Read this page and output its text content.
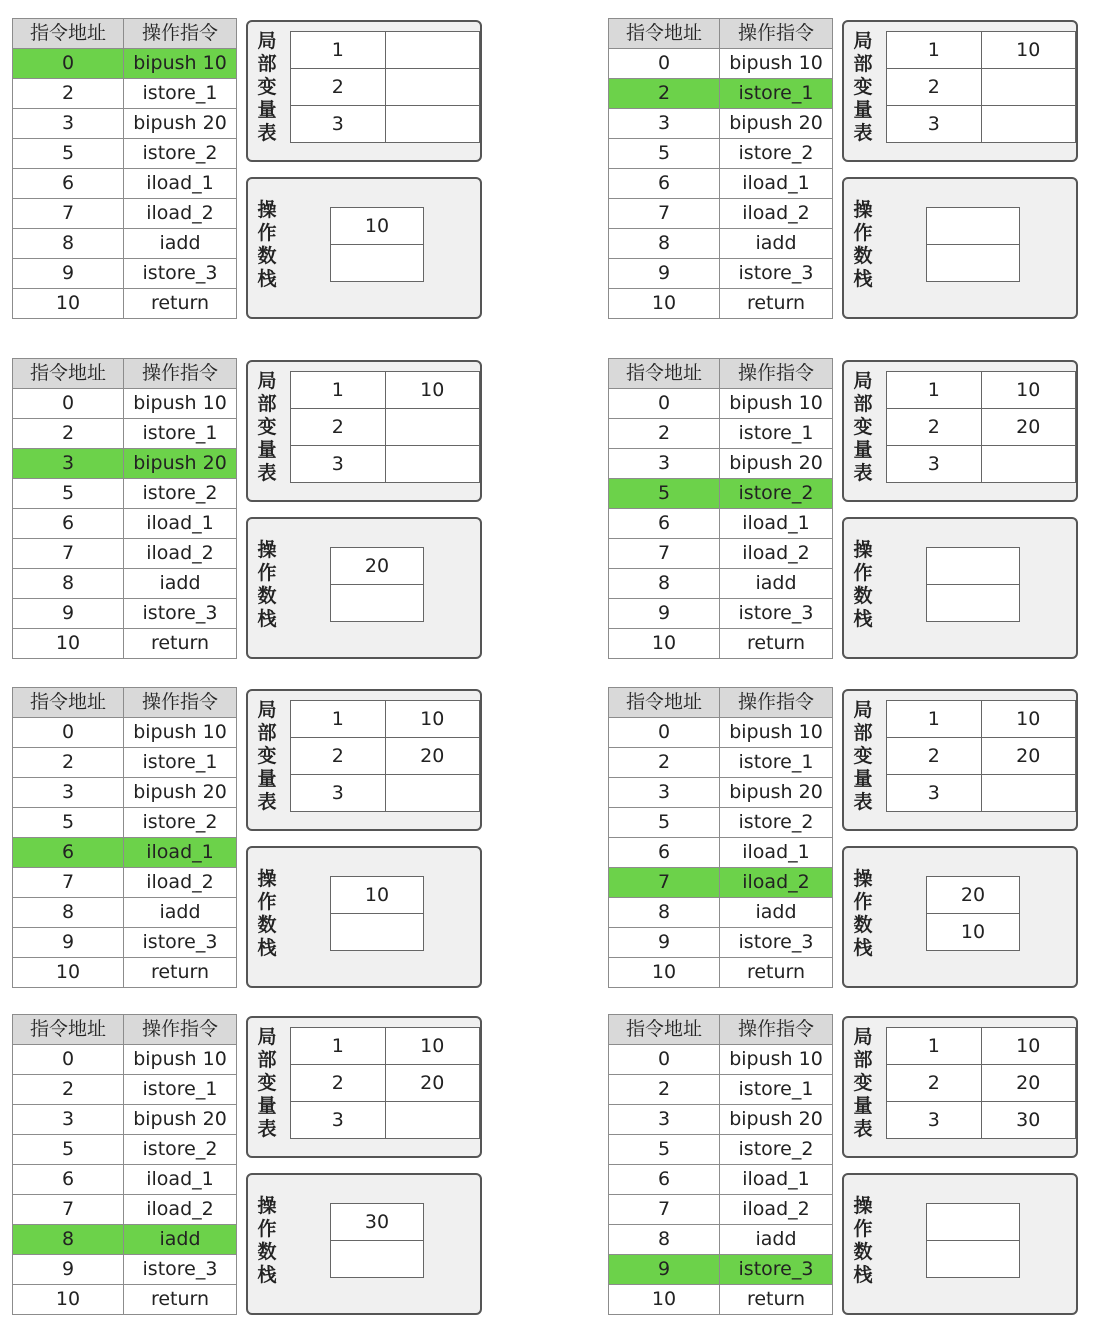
指令地址	操作指令
0	bipush 10
2	istore_1
3	bipush 20
5	istore_2
6	iload_1
7	iload_2
8	iadd
9	istore_3
10	return
局
部
变
量
表
1	
2	
3	
操
作
数
栈
10

指令地址	操作指令
0	bipush 10
2	istore_1
3	bipush 20
5	istore_2
6	iload_1
7	iload_2
8	iadd
9	istore_3
10	return
局
部
变
量
表
1	10
2	
3	
操
作
数
栈

指令地址	操作指令
0	bipush 10
2	istore_1
3	bipush 20
5	istore_2
6	iload_1
7	iload_2
8	iadd
9	istore_3
10	return
局
部
变
量
表
1	10
2	
3	
操
作
数
栈
20

指令地址	操作指令
0	bipush 10
2	istore_1
3	bipush 20
5	istore_2
6	iload_1
7	iload_2
8	iadd
9	istore_3
10	return
局
部
变
量
表
1	10
2	20
3	
操
作
数
栈

指令地址	操作指令
0	bipush 10
2	istore_1
3	bipush 20
5	istore_2
6	iload_1
7	iload_2
8	iadd
9	istore_3
10	return
局
部
变
量
表
1	10
2	20
3	
操
作
数
栈
10

指令地址	操作指令
0	bipush 10
2	istore_1
3	bipush 20
5	istore_2
6	iload_1
7	iload_2
8	iadd
9	istore_3
10	return
局
部
变
量
表
1	10
2	20
3	
操
作
数
栈
20
10
指令地址	操作指令
0	bipush 10
2	istore_1
3	bipush 20
5	istore_2
6	iload_1
7	iload_2
8	iadd
9	istore_3
10	return
局
部
变
量
表
1	10
2	20
3	
操
作
数
栈
30

指令地址	操作指令
0	bipush 10
2	istore_1
3	bipush 20
5	istore_2
6	iload_1
7	iload_2
8	iadd
9	istore_3
10	return
局
部
变
量
表
1	10
2	20
3	30
操
作
数
栈
